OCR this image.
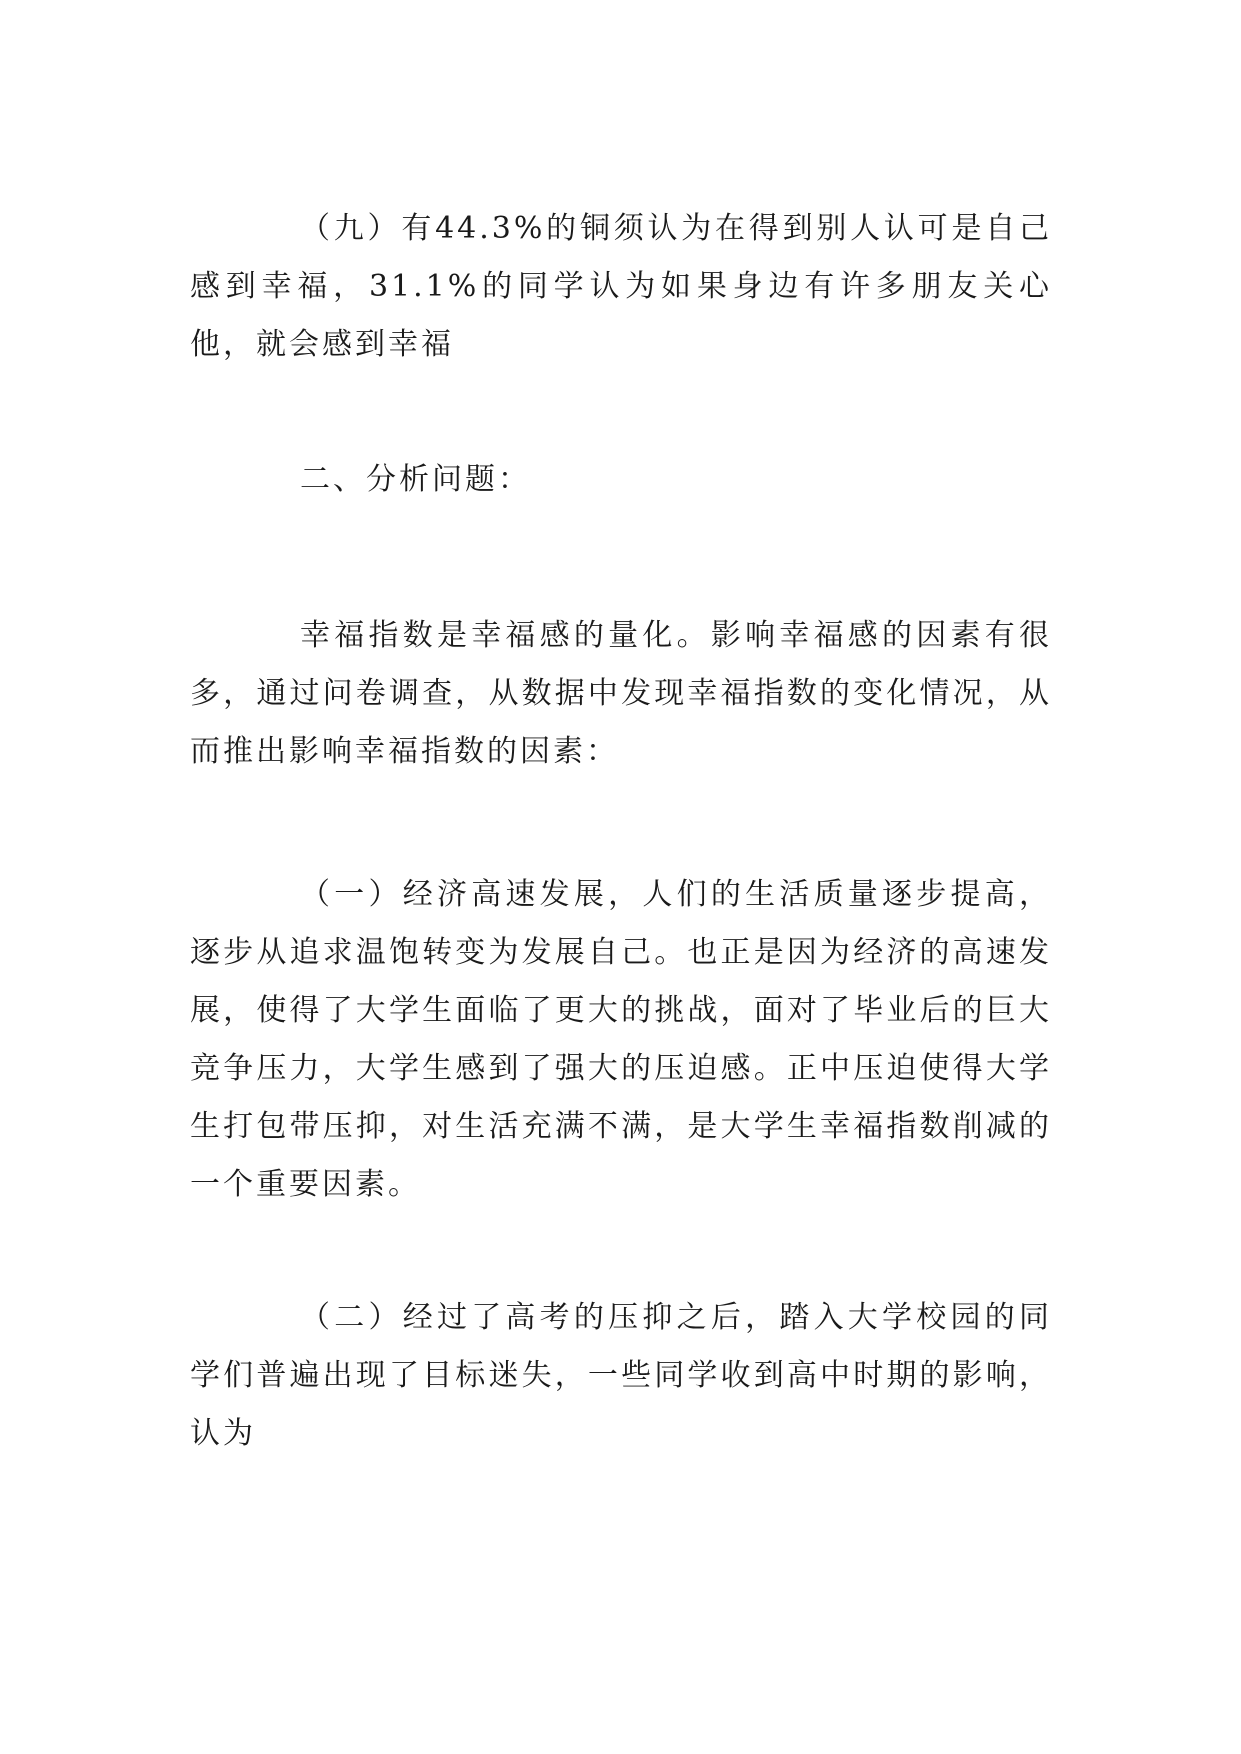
（九）有44.3%的铜须认为在得到别人认可是自己感到幸福，31.1%的同学认为如果身边有许多朋友关心他，就会感到幸福

二、分析问题：

幸福指数是幸福感的量化。影响幸福感的因素有很多，通过问卷调查，从数据中发现幸福指数的变化情况，从而推出影响幸福指数的因素：

（一）经济高速发展，人们的生活质量逐步提高，逐步从追求温饱转变为发展自己。也正是因为经济的高速发展，使得了大学生面临了更大的挑战，面对了毕业后的巨大竞争压力，大学生感到了强大的压迫感。正中压迫使得大学生打包带压抑，对生活充满不满，是大学生幸福指数削减的一个重要因素。

（二）经过了高考的压抑之后，踏入大学校园的同学们普遍出现了目标迷失，一些同学收到高中时期的影响，认为
